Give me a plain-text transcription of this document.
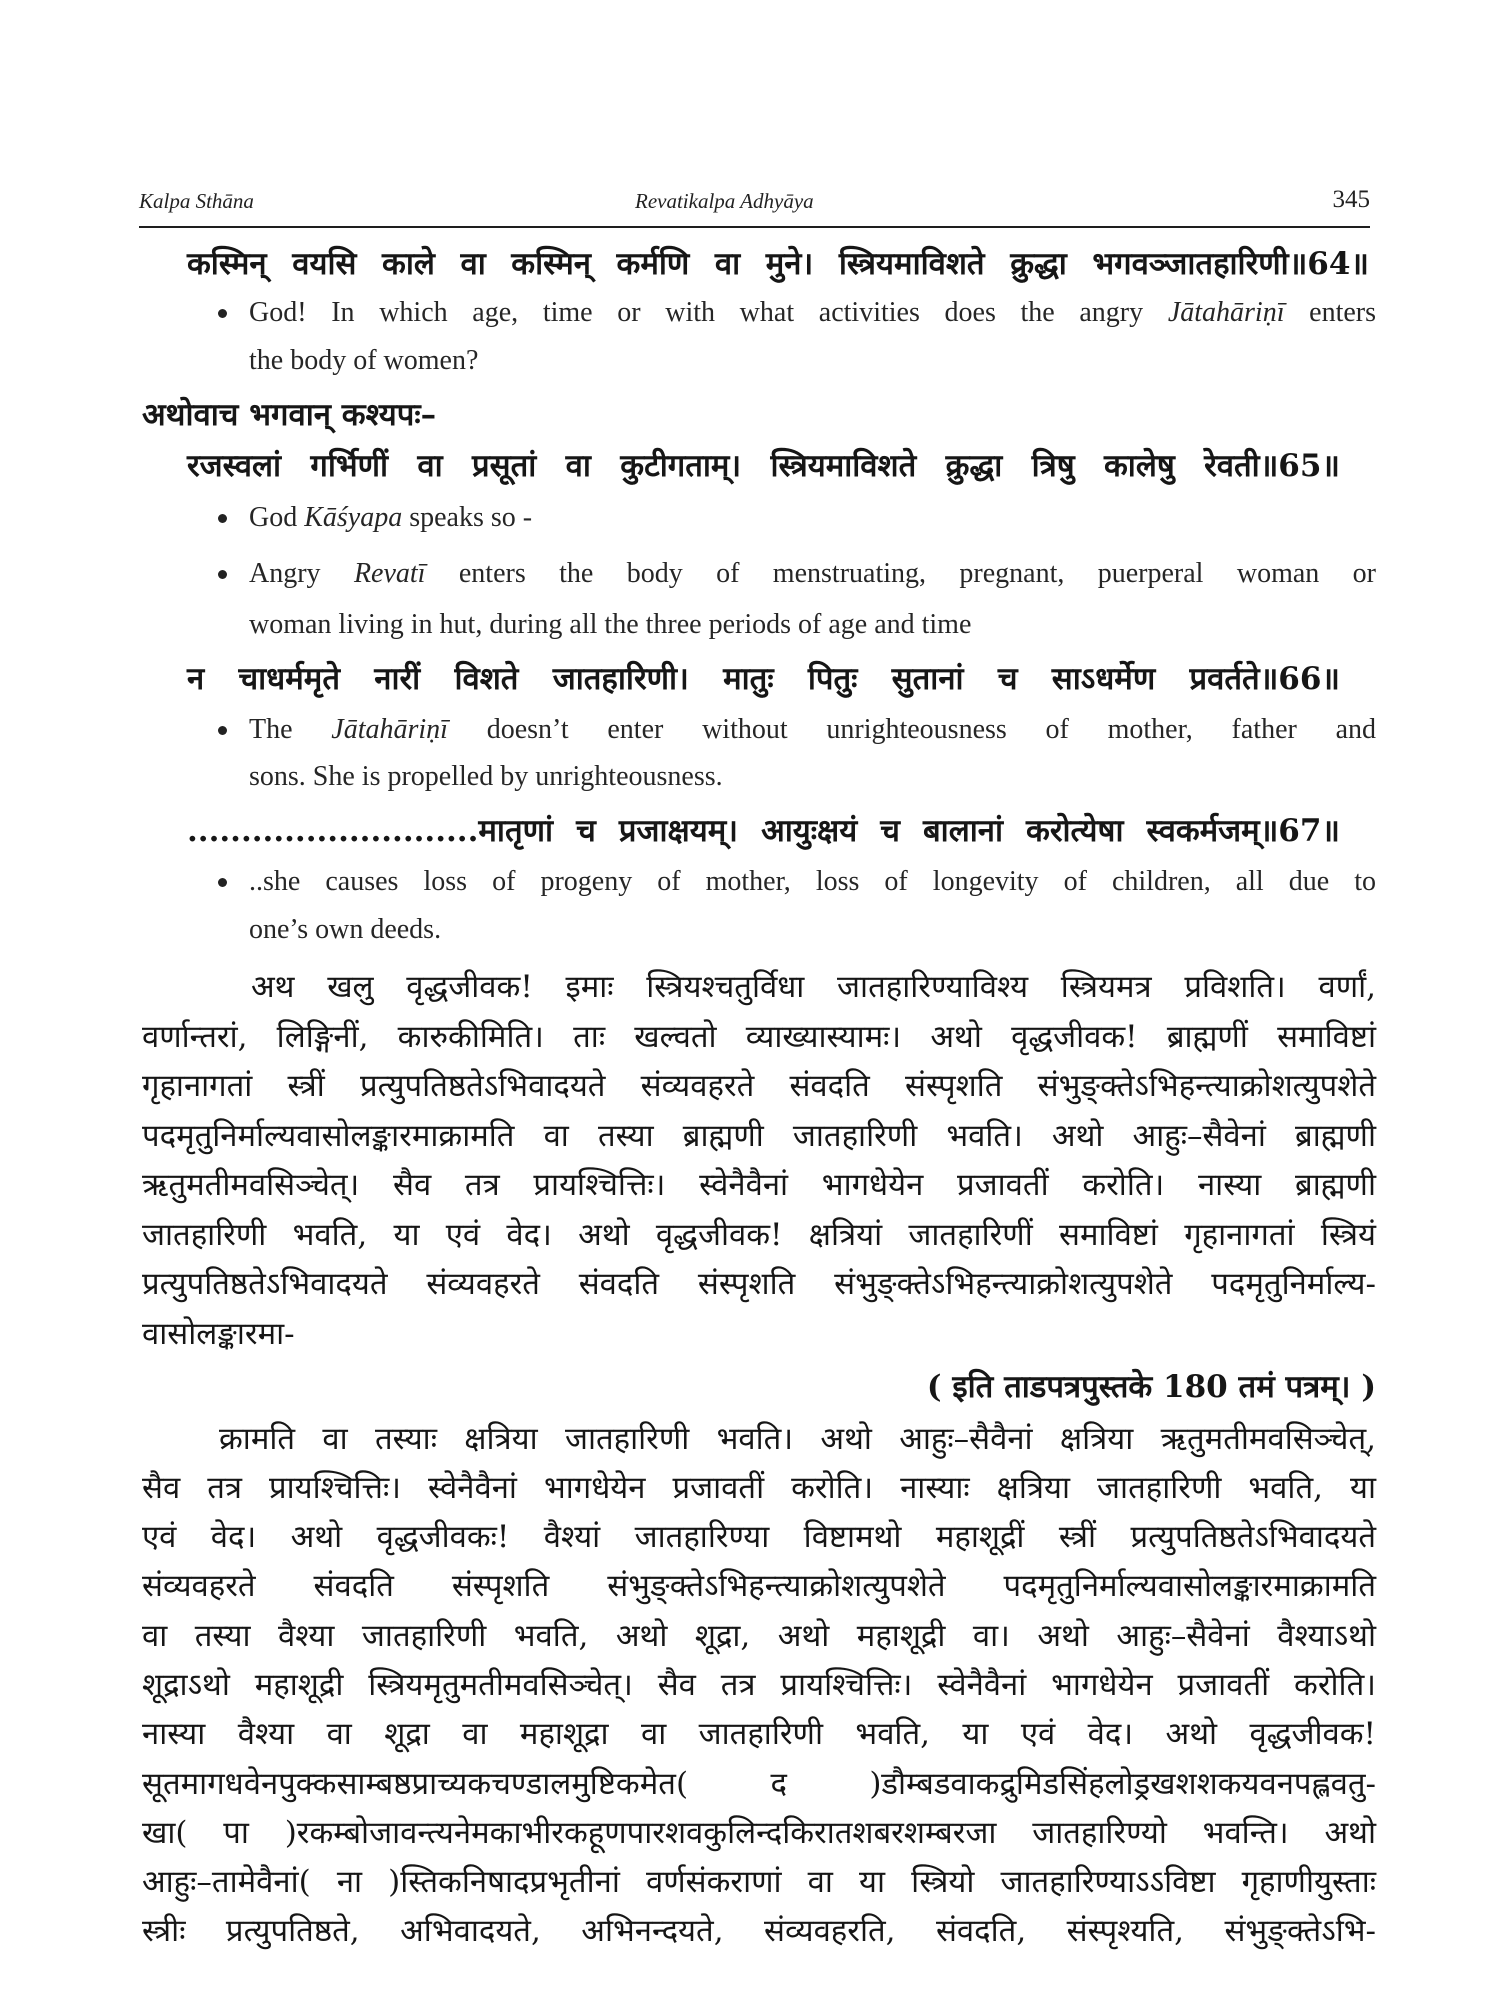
Kalpa Sthāna	Revatikalpa Adhyāya	345
कस्मिन् वयसि काले वा कस्मिन् कर्मणि वा मुने। स्त्रियमाविशते क्रुद्धा भगवञ्जातहारिणी॥64॥
God! In which age, time or with what activities does the angry Jātahāriṇī enters
the body of women?
अथोवाच भगवान् कश्यपः–
रजस्वलां गर्भिणीं वा प्रसूतां वा कुटीगताम्। स्त्रियमाविशते क्रुद्धा त्रिषु कालेषु रेवती॥65॥
God Kāśyapa speaks so -
Angry Revatī enters the body of menstruating, pregnant, puerperal woman or
woman living in hut, during all the three periods of age and time
न चाधर्ममृते नारीं विशते जातहारिणी। मातुः पितुः सुतानां च साऽधर्मेण प्रवर्तते॥66॥
The Jātahāriṇī doesn’t enter without unrighteousness of mother, father and
sons. She is propelled by unrighteousness.
...........................मातृणां च प्रजाक्षयम्। आयुःक्षयं च बालानां करोत्येषा स्वकर्मजम्॥67॥
..she causes loss of progeny of mother, loss of longevity of children, all due to
one’s own deeds.
अथ खलु वृद्धजीवक! इमाः स्त्रियश्चतुर्विधा जातहारिण्याविश्य स्त्रियमत्र प्रविशति। वर्णां,
वर्णान्तरां, लिङ्गिनीं, कारुकीमिति। ताः खल्वतो व्याख्यास्यामः। अथो वृद्धजीवक! ब्राह्मणीं समाविष्टां
गृहानागतां स्त्रीं प्रत्युपतिष्ठतेऽभिवादयते संव्यवहरते संवदति संस्पृशति संभुङ्क्तेऽभिहन्त्याक्रोशत्युपशेते
पदमृतुनिर्माल्यवासोलङ्कारमाक्रामति वा तस्या ब्राह्मणी जातहारिणी भवति। अथो आहुः–सैवेनां ब्राह्मणी
ऋतुमतीमवसिञ्चेत्। सैव तत्र प्रायश्चित्तिः। स्वेनैवैनां भागधेयेन प्रजावतीं करोति। नास्या ब्राह्मणी
जातहारिणी भवति, या एवं वेद। अथो वृद्धजीवक! क्षत्रियां जातहारिणीं समाविष्टां गृहानागतां स्त्रियं
प्रत्युपतिष्ठतेऽभिवादयते संव्यवहरते संवदति संस्पृशति संभुङ्क्तेऽभिहन्त्याक्रोशत्युपशेते पदमृतुनिर्माल्य-
वासोलङ्कारमा-
( इति ताडपत्रपुस्तके 180 तमं पत्रम्। )
क्रामति वा तस्याः क्षत्रिया जातहारिणी भवति। अथो आहुः–सैवैनां क्षत्रिया ऋतुमतीमवसिञ्चेत्,
सैव तत्र प्रायश्चित्तिः। स्वेनैवैनां भागधेयेन प्रजावतीं करोति। नास्याः क्षत्रिया जातहारिणी भवति, या
एवं वेद। अथो वृद्धजीवकः! वैश्यां जातहारिण्या विष्टामथो महाशूद्रीं स्त्रीं प्रत्युपतिष्ठतेऽभिवादयते
संव्यवहरते संवदति संस्पृशति संभुङ्क्तेऽभिहन्त्याक्रोशत्युपशेते पदमृतुनिर्माल्यवासोलङ्कारमाक्रामति
वा तस्या वैश्या जातहारिणी भवति, अथो शूद्रा, अथो महाशूद्री वा। अथो आहुः–सैवेनां वैश्याऽथो
शूद्राऽथो महाशूद्री स्त्रियमृतुमतीमवसिञ्चेत्। सैव तत्र प्रायश्चित्तिः। स्वेनैवैनां भागधेयेन प्रजावतीं करोति।
नास्या वैश्या वा शूद्रा वा महाशूद्रा वा जातहारिणी भवति, या एवं वेद। अथो वृद्धजीवक!
सूतमागधवेनपुक्कसाम्बष्ठप्राच्यकचण्डालमुष्टिकमेत( द )डौम्बडवाकद्रुमिडसिंहलोड्रखशशकयवनपह्लवतु-
खा( पा )रकम्बोजावन्त्यनेमकाभीरकहूणपारशवकुलिन्दकिरातशबरशम्बरजा जातहारिण्यो भवन्ति। अथो
आहुः–तामेवैनां( ना )स्तिकनिषादप्रभृतीनां वर्णसंकराणां वा या स्त्रियो जातहारिण्याऽऽविष्टा गृहाणीयुस्ताः
स्त्रीः प्रत्युपतिष्ठते, अभिवादयते, अभिनन्दयते, संव्यवहरति, संवदति, संस्पृश्यति, संभुङ्क्तेऽभि-
